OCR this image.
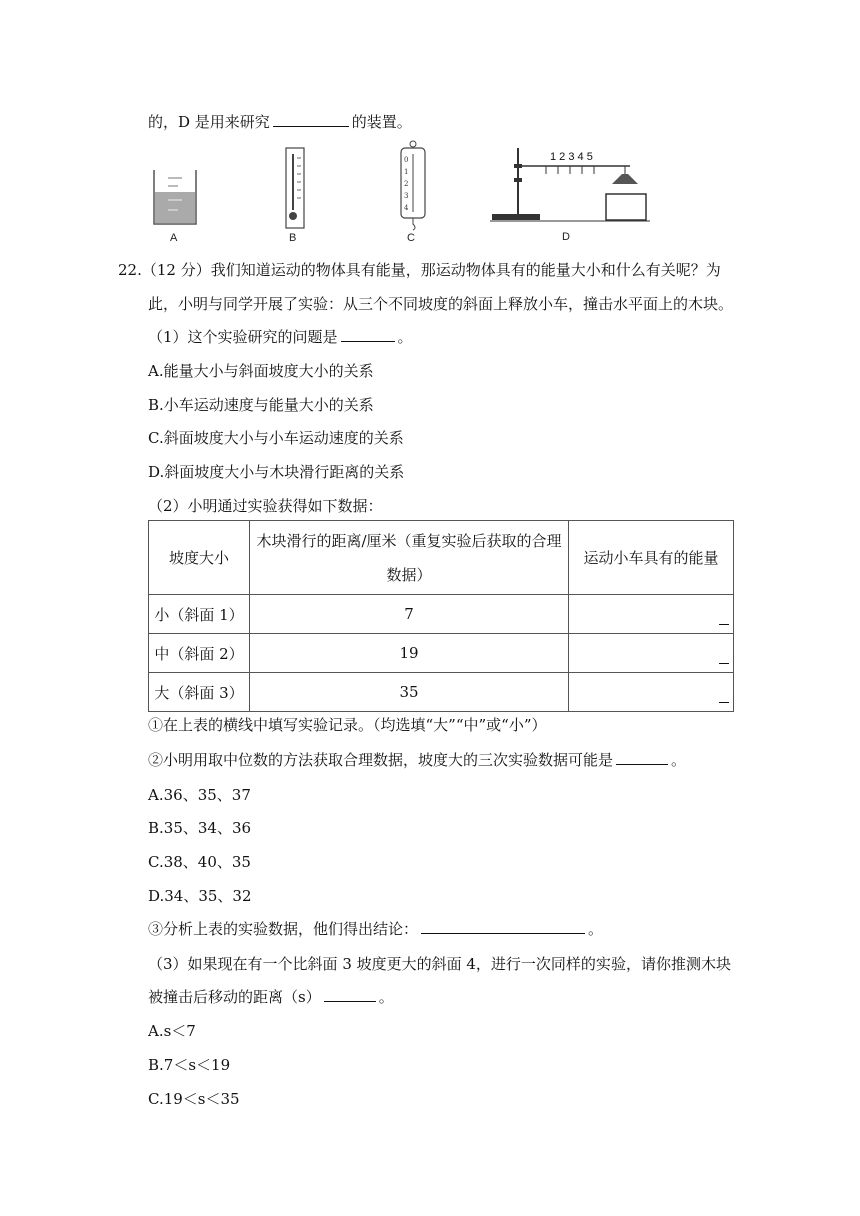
的，D 是用来研究	的装置。
A	B
0
1
2
3
4
C
1 2 3 4 5
D
22.（12 分）我们知道运动的物体具有能量，那运动物体具有的能量大小和什么有关呢？为
此，小明与同学开展了实验：从三个不同坡度的斜面上释放小车，撞击水平面上的木块。
（1）这个实验研究的问题是	。
A.能量大小与斜面坡度大小的关系
B.小车运动速度与能量大小的关系
C.斜面坡度大小与小车运动速度的关系
D.斜面坡度大小与木块滑行距离的关系
（2）小明通过实验获得如下数据：
坡度大小	木块滑行的距离/厘米（重复实验后获取的合理数据）	运动小车具有的能量
小（斜面 1）	7	

中（斜面 2）	19	

大（斜面 3）	35	
①在上表的横线中填写实验记录。（均选填“大”“中”或“小”）
②小明用取中位数的方法获取合理数据，坡度大的三次实验数据可能是	。
A.36、35、37
B.35、34、36
C.38、40、35
D.34、35、32
③分析上表的实验数据，他们得出结论：	。
（3）如果现在有一个比斜面 3 坡度更大的斜面 4，进行一次同样的实验，请你推测木块
被撞击后移动的距离（s）	。
A.s＜7
B.7＜s＜19
C.19＜s＜35
